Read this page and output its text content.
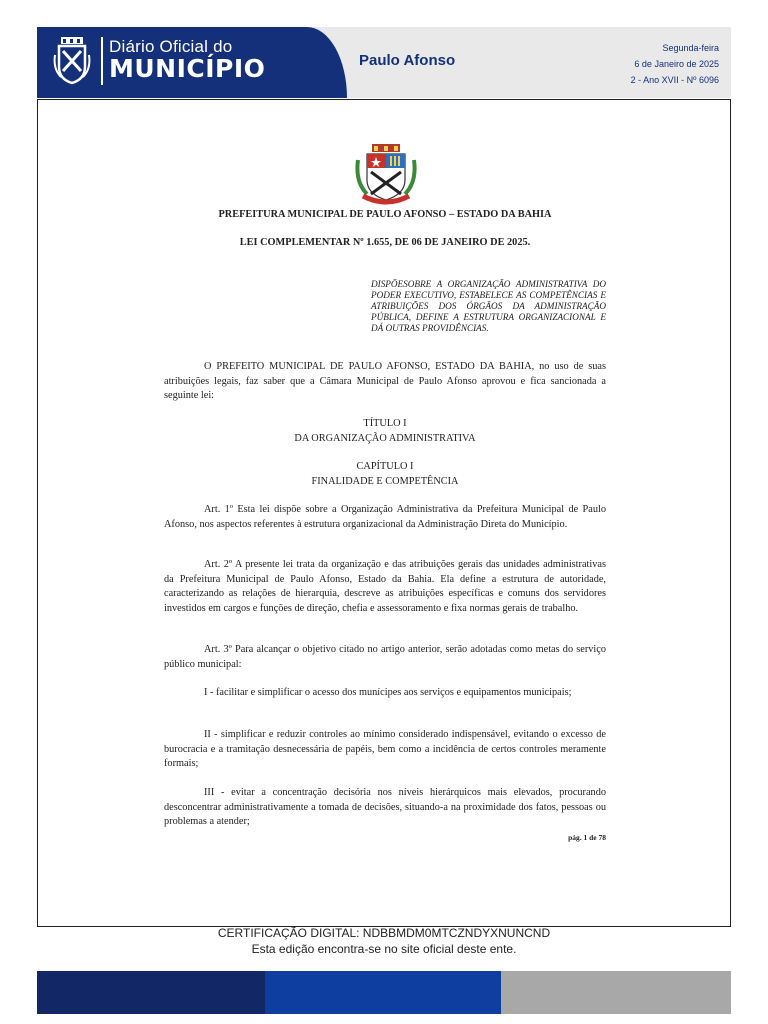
Diário Oficial do
MUNICÍPIO	Paulo Afonso
Segunda-feira
6 de Janeiro de 2025
2 - Ano XVII - Nº 6096
PREFEITURA MUNICIPAL DE PAULO AFONSO – ESTADO DA BAHIA
LEI COMPLEMENTAR Nº 1.655, DE 06 DE JANEIRO DE 2025.
DISPÕESOBRE A ORGANIZAÇÃO ADMINISTRATIVA DO PODER EXECUTIVO, ESTABELECE AS COMPETÊNCIAS E ATRIBUIÇÕES DOS ÓRGÃOS DA ADMINISTRAÇÃO PÚBLICA, DEFINE A ESTRUTURA ORGANIZACIONAL E DÁ OUTRAS PROVIDÊNCIAS.
O PREFEITO MUNICIPAL DE PAULO AFONSO, ESTADO DA BAHIA, no uso de suas atribuições legais, faz saber que a Câmara Municipal de Paulo Afonso aprovou e fica sancionada a seguinte lei:
TÍTULO I
DA ORGANIZAÇÃO ADMINISTRATIVA
CAPÍTULO I
FINALIDADE E COMPETÊNCIA
Art. 1º Esta lei dispõe sobre a Organização Administrativa da Prefeitura Municipal de Paulo Afonso, nos aspectos referentes à estrutura organizacional da Administração Direta do Município.
Art. 2º A presente lei trata da organização e das atribuições gerais das unidades administrativas da Prefeitura Municipal de Paulo Afonso, Estado da Bahia. Ela define a estrutura de autoridade, caracterizando as relações de hierarquia, descreve as atribuições específicas e comuns dos servidores investidos em cargos e funções de direção, chefia e assessoramento e fixa normas gerais de trabalho.
Art. 3º Para alcançar o objetivo citado no artigo anterior, serão adotadas como metas do serviço público municipal:
I - facilitar e simplificar o acesso dos munícipes aos serviços e equipamentos municipais;
II - simplificar e reduzir controles ao mínimo considerado indispensável, evitando o excesso de burocracia e a tramitação desnecessária de papéis, bem como a incidência de certos controles meramente formais;
III - evitar a concentração decisória nos níveis hierárquicos mais elevados, procurando desconcentrar administrativamente a tomada de decisões, situando-a na proximidade dos fatos, pessoas ou problemas a atender;
pág. 1 de 78
CERTIFICAÇÃO DIGITAL: NDBBMDM0MTCZNDYXNUNCND
Esta edição encontra-se no site oficial deste ente.
